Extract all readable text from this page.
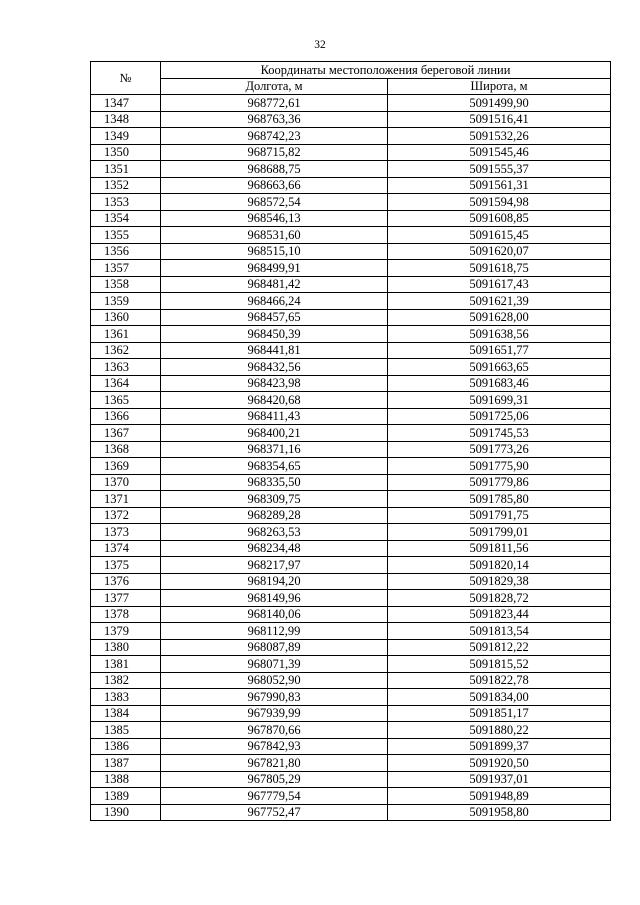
32
№	Координаты местоположения береговой линии	
	Долгота, м	Широта, м
1347	968772,61	5091499,90
1348	968763,36	5091516,41
1349	968742,23	5091532,26
1350	968715,82	5091545,46
1351	968688,75	5091555,37
1352	968663,66	5091561,31
1353	968572,54	5091594,98
1354	968546,13	5091608,85
1355	968531,60	5091615,45
1356	968515,10	5091620,07
1357	968499,91	5091618,75
1358	968481,42	5091617,43
1359	968466,24	5091621,39
1360	968457,65	5091628,00
1361	968450,39	5091638,56
1362	968441,81	5091651,77
1363	968432,56	5091663,65
1364	968423,98	5091683,46
1365	968420,68	5091699,31
1366	968411,43	5091725,06
1367	968400,21	5091745,53
1368	968371,16	5091773,26
1369	968354,65	5091775,90
1370	968335,50	5091779,86
1371	968309,75	5091785,80
1372	968289,28	5091791,75
1373	968263,53	5091799,01
1374	968234,48	5091811,56
1375	968217,97	5091820,14
1376	968194,20	5091829,38
1377	968149,96	5091828,72
1378	968140,06	5091823,44
1379	968112,99	5091813,54
1380	968087,89	5091812,22
1381	968071,39	5091815,52
1382	968052,90	5091822,78
1383	967990,83	5091834,00
1384	967939,99	5091851,17
1385	967870,66	5091880,22
1386	967842,93	5091899,37
1387	967821,80	5091920,50
1388	967805,29	5091937,01
1389	967779,54	5091948,89
1390	967752,47	5091958,80
